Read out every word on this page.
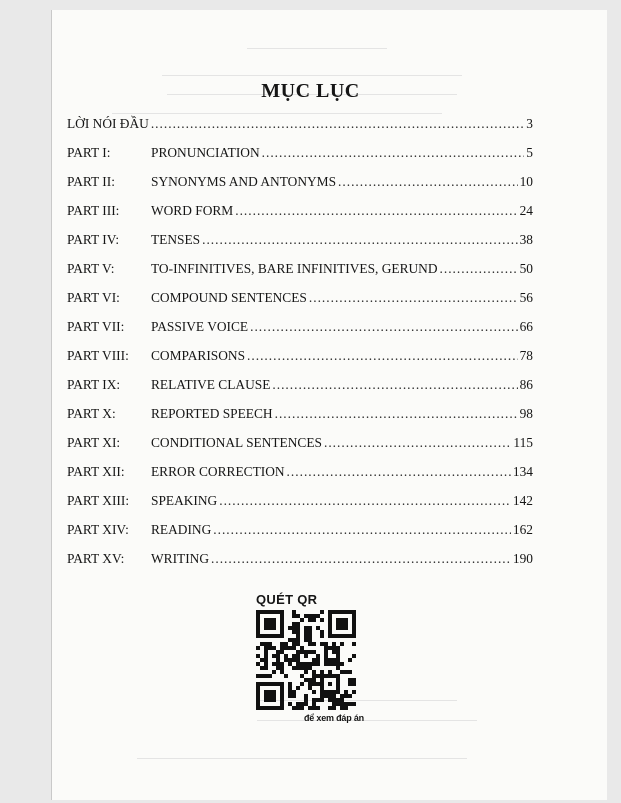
MỤC LỤC
LỜI NÓI ĐẦU
.....	3
PART I:	PRONUNCIATION
.....	5
PART II:	SYNONYMS AND ANTONYMS
.....	10
PART III:	WORD FORM
.....	24
PART IV:	TENSES
.....	38
PART V:	TO-INFINITIVES, BARE INFINITIVES, GERUND
.....	50
PART VI:	COMPOUND SENTENCES
.....	56
PART VII:	PASSIVE VOICE
.....	66
PART VIII:	COMPARISONS
.....	78
PART IX:	RELATIVE CLAUSE
.....	86
PART X:	REPORTED SPEECH
.....	98
PART XI:	CONDITIONAL SENTENCES
.....	115
PART XII:	ERROR CORRECTION
.....	134
PART XIII:	SPEAKING
.....	142
PART XIV:	READING
.....	162
PART XV:	WRITING
.....	190
QUÉT QR
để xem đáp án
